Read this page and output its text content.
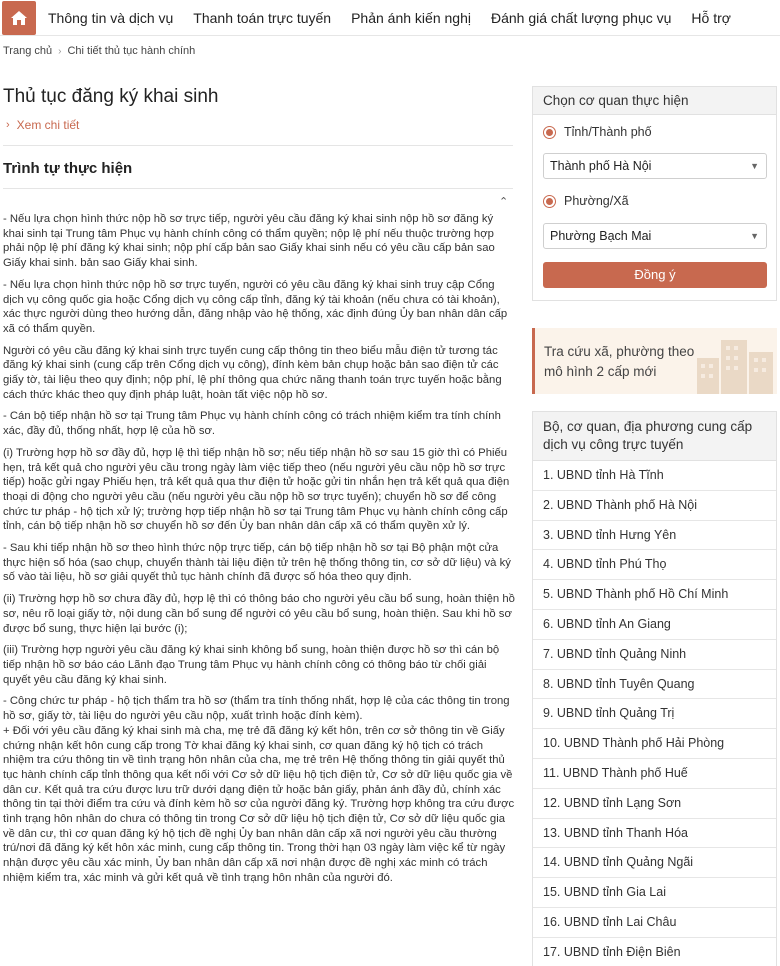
Thông tin và dịch vụ Thanh toán trực tuyến Phản ánh kiến nghị Đánh giá chất lượng phục vụ Hỗ trợ
Trang chủ › Chi tiết thủ tục hành chính
Thủ tục đăng ký khai sinh
› Xem chi tiết
Trình tự thực hiện
⌃

- Nếu lựa chọn hình thức nộp hồ sơ trực tiếp, người yêu cầu đăng ký khai sinh nộp hồ sơ đăng ký khai sinh tại Trung tâm Phục vụ hành chính công có thẩm quyền; nộp lệ phí nếu thuộc trường hợp phải nộp lệ phí đăng ký khai sinh; nộp phí cấp bản sao Giấy khai sinh nếu có yêu cầu cấp bản sao Giấy khai sinh. bản sao Giấy khai sinh.

- Nếu lựa chọn hình thức nộp hồ sơ trực tuyến, người có yêu cầu đăng ký khai sinh truy cập Cổng dịch vụ công quốc gia hoặc Cổng dịch vụ công cấp tỉnh, đăng ký tài khoản (nếu chưa có tài khoản), xác thực người dùng theo hướng dẫn, đăng nhập vào hệ thống, xác định đúng Ủy ban nhân dân cấp xã có thẩm quyền.

Người có yêu cầu đăng ký khai sinh trực tuyến cung cấp thông tin theo biểu mẫu điện tử tương tác đăng ký khai sinh (cung cấp trên Cổng dịch vụ công), đính kèm bản chụp hoặc bản sao điện tử các giấy tờ, tài liệu theo quy định; nộp phí, lệ phí thông qua chức năng thanh toán trực tuyến hoặc bằng cách thức khác theo quy định pháp luật, hoàn tất việc nộp hồ sơ.

- Cán bộ tiếp nhận hồ sơ tại Trung tâm Phục vụ hành chính công có trách nhiệm kiểm tra tính chính xác, đầy đủ, thống nhất, hợp lệ của hồ sơ.

(i) Trường hợp hồ sơ đầy đủ, hợp lệ thì tiếp nhận hồ sơ; nếu tiếp nhận hồ sơ sau 15 giờ thì có Phiếu hẹn, trả kết quả cho người yêu cầu trong ngày làm việc tiếp theo (nếu người yêu cầu nộp hồ sơ trực tiếp) hoặc gửi ngay Phiếu hẹn, trả kết quả qua thư điện tử hoặc gửi tin nhắn hẹn trả kết quả qua điện thoại di động cho người yêu cầu (nếu người yêu cầu nộp hồ sơ trực tuyến); chuyển hồ sơ để công chức tư pháp - hộ tịch xử lý; trường hợp tiếp nhận hồ sơ tại Trung tâm Phục vụ hành chính công cấp tỉnh, cán bộ tiếp nhận hồ sơ chuyển hồ sơ đến Ủy ban nhân dân cấp xã có thẩm quyền xử lý.

- Sau khi tiếp nhận hồ sơ theo hình thức nộp trực tiếp, cán bộ tiếp nhận hồ sơ tại Bộ phận một cửa thực hiện số hóa (sao chụp, chuyển thành tài liệu điện tử trên hệ thống thông tin, cơ sở dữ liệu) và ký số vào tài liệu, hồ sơ giải quyết thủ tục hành chính đã được số hóa theo quy định.

(ii) Trường hợp hồ sơ chưa đầy đủ, hợp lệ thì có thông báo cho người yêu cầu bổ sung, hoàn thiện hồ sơ, nêu rõ loại giấy tờ, nội dung cần bổ sung để người có yêu cầu bổ sung, hoàn thiện. Sau khi hồ sơ được bổ sung, thực hiện lại bước (i);

(iii) Trường hợp người yêu cầu đăng ký khai sinh không bổ sung, hoàn thiện được hồ sơ thì cán bộ tiếp nhận hồ sơ báo cáo Lãnh đạo Trung tâm Phục vụ hành chính công có thông báo từ chối giải quyết yêu cầu đăng ký khai sinh.

- Công chức tư pháp - hộ tịch thẩm tra hồ sơ (thẩm tra tính thống nhất, hợp lệ của các thông tin trong hồ sơ, giấy tờ, tài liệu do người yêu cầu nộp, xuất trình hoặc đính kèm).
+ Đối với yêu cầu đăng ký khai sinh mà cha, mẹ trẻ đã đăng ký kết hôn, trên cơ sở thông tin về Giấy chứng nhận kết hôn cung cấp trong Tờ khai đăng ký khai sinh, cơ quan đăng ký hộ tịch có trách nhiệm tra cứu thông tin về tình trạng hôn nhân của cha, mẹ trẻ trên Hệ thống thông tin giải quyết thủ tục hành chính cấp tỉnh thông qua kết nối với Cơ sở dữ liệu hộ tịch điện tử, Cơ sở dữ liệu quốc gia về dân cư. Kết quả tra cứu được lưu trữ dưới dạng điện tử hoặc bản giấy, phản ánh đầy đủ, chính xác thông tin tại thời điểm tra cứu và đính kèm hồ sơ của người đăng ký. Trường hợp không tra cứu được tình trạng hôn nhân do chưa có thông tin trong Cơ sở dữ liệu hộ tịch điện tử, Cơ sở dữ liệu quốc gia về dân cư, thì cơ quan đăng ký hộ tịch đề nghị Ủy ban nhân dân cấp xã nơi người yêu cầu thường trú/nơi đã đăng ký kết hôn xác minh, cung cấp thông tin. Trong thời hạn 03 ngày làm việc kể từ ngày nhận được yêu cầu xác minh, Ủy ban nhân dân cấp xã nơi nhận được đề nghị xác minh có trách nhiệm kiểm tra, xác minh và gửi kết quả về tình trạng hôn nhân của người đó.

Chọn cơ quan thực hiện
Tỉnh/Thành phố
Thành phố Hà Nội	▼
Phường/Xã
Phường Bạch Mai	▼
Đồng ý
Tra cứu xã, phường theo mô hình 2 cấp mới
Bộ, cơ quan, địa phương cung cấp dịch vụ công trực tuyến
1. UBND tỉnh Hà Tĩnh
2. UBND Thành phố Hà Nội
3. UBND tỉnh Hưng Yên
4. UBND tỉnh Phú Thọ
5. UBND Thành phố Hồ Chí Minh
6. UBND tỉnh An Giang
7. UBND tỉnh Quảng Ninh
8. UBND tỉnh Tuyên Quang
9. UBND tỉnh Quảng Trị
10. UBND Thành phố Hải Phòng
11. UBND Thành phố Huế
12. UBND tỉnh Lạng Sơn
13. UBND tỉnh Thanh Hóa
14. UBND tỉnh Quảng Ngãi
15. UBND tỉnh Gia Lai
16. UBND tỉnh Lai Châu
17. UBND tỉnh Điện Biên
